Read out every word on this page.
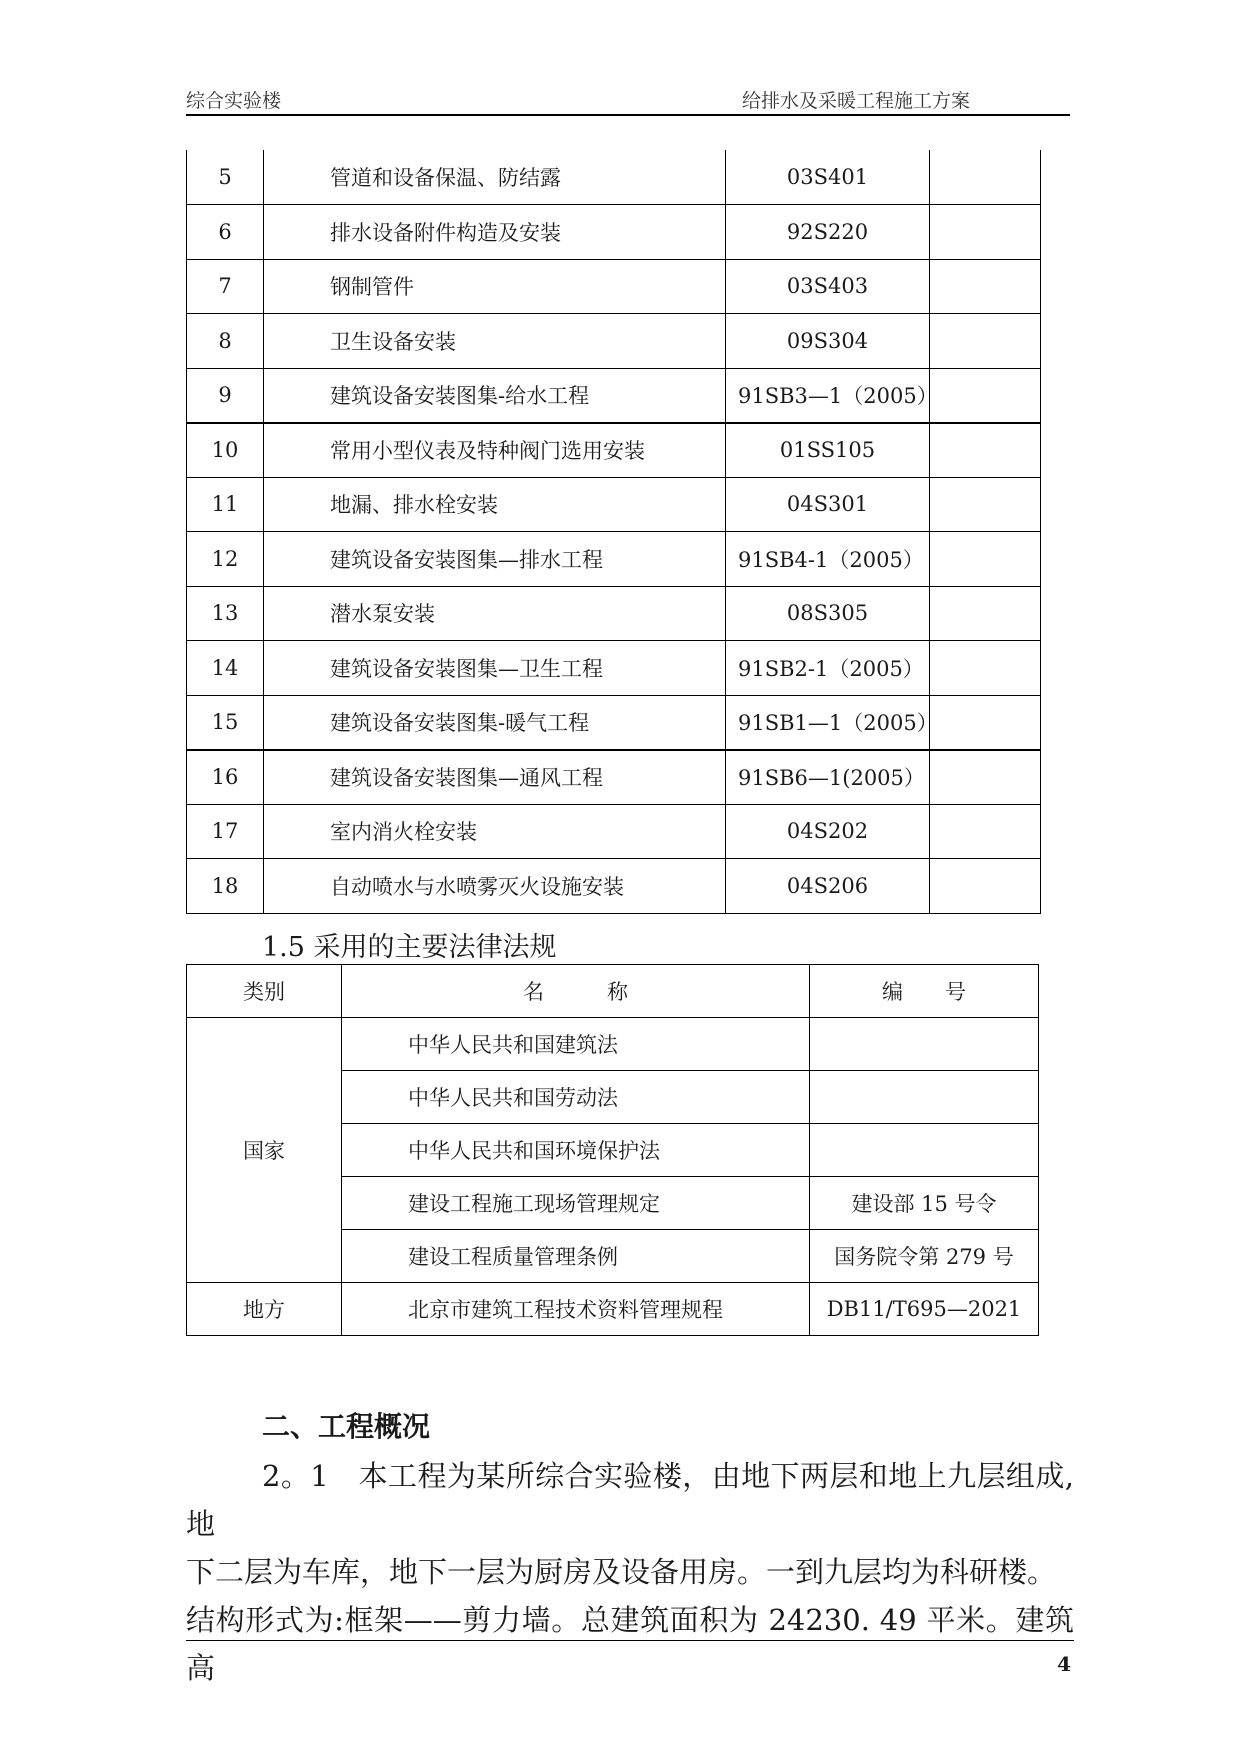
综合实验楼	给排水及采暖工程施工方案
5	管道和设备保温、防结露	03S401	
6	排水设备附件构造及安装	92S220	
7	钢制管件	03S403	
8	卫生设备安装	09S304	
9	建筑设备安装图集-给水工程	91SB3—1（2005）	
10	常用小型仪表及特种阀门选用安装	01SS105	
11	地漏、排水栓安装	04S301	
12	建筑设备安装图集—排水工程	91SB4-1（2005）	
13	潜水泵安装	08S305	
14	建筑设备安装图集—卫生工程	91SB2-1（2005）	
15	建筑设备安装图集-暖气工程	91SB1—1（2005）	
16	建筑设备安装图集—通风工程	91SB6—1(2005）	
17	室内消火栓安装	04S202	
18	自动喷水与水喷雾灭火设施安装	04S206	
1.5 采用的主要法律法规
类别	名　　　称	编　　号
国家	中华人民共和国建筑法	
	中华人民共和国劳动法	
	中华人民共和国环境保护法	
	建设工程施工现场管理规定	建设部 15 号令
	建设工程质量管理条例	国务院令第 279 号
地方	北京市建筑工程技术资料管理规程	DB11/T695—2021
二、工程概况
2。1　本工程为某所综合实验楼，由地下两层和地上九层组成,地
下二层为车库，地下一层为厨房及设备用房。一到九层均为科研楼。
结构形式为:框架——剪力墙。总建筑面积为 24230. 49 平米。建筑高	4
